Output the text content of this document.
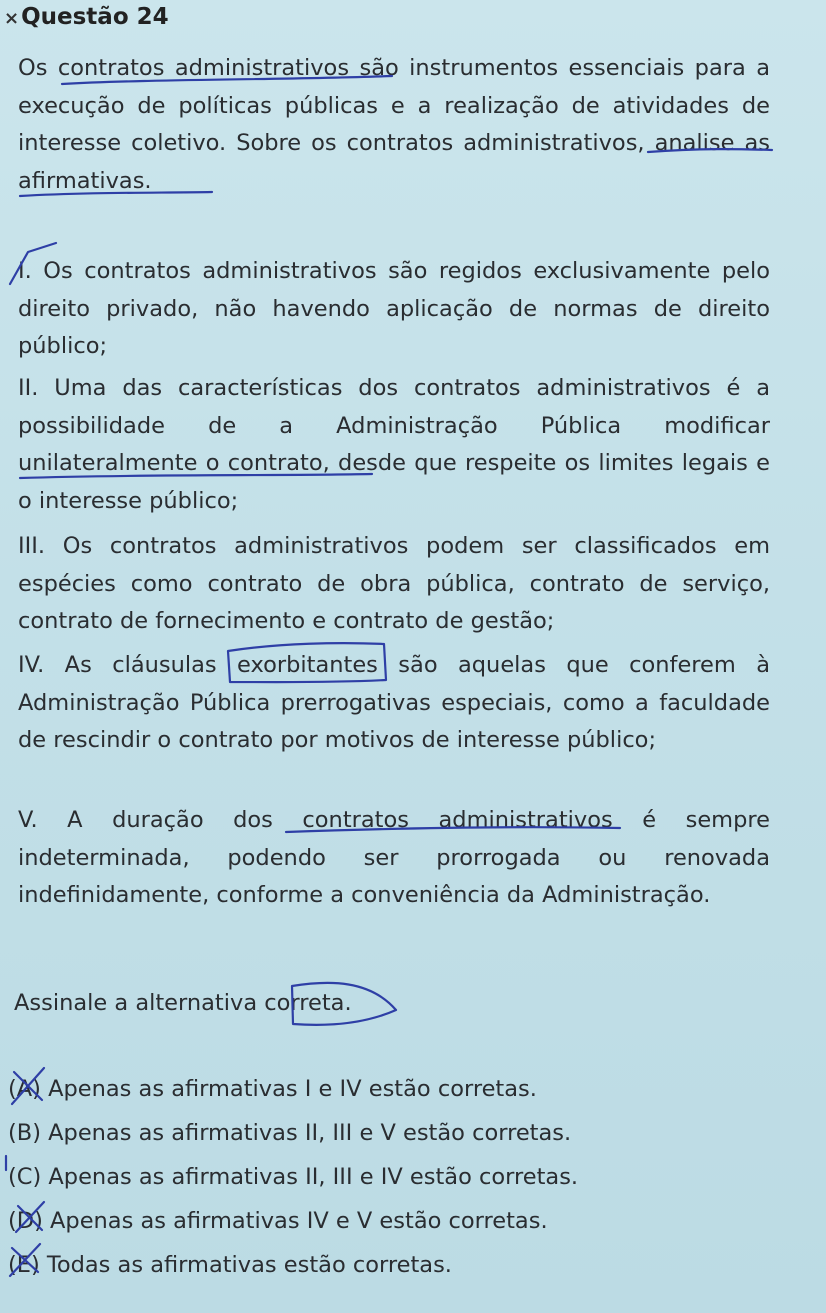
× Questão 24

Os contratos administrativos são instrumentos essenciais para a execução de políticas públicas e a realização de atividades de interesse coletivo. Sobre os contratos administrativos, analise as afirmativas.

I. Os contratos administrativos são regidos exclusivamente pelo direito privado, não havendo aplicação de normas de direito público;

II. Uma das características dos contratos administrativos é a possibilidade de a Administração Pública modificar unilateralmente o contrato, desde que respeite os limites legais e o interesse público;

III. Os contratos administrativos podem ser classificados em espécies como contrato de obra pública, contrato de serviço, contrato de fornecimento e contrato de gestão;

IV. As cláusulas exorbitantes são aquelas que conferem à Administração Pública prerrogativas especiais, como a faculdade de rescindir o contrato por motivos de interesse público;

V. A duração dos contratos administrativos é sempre indeterminada, podendo ser prorrogada ou renovada indefinidamente, conforme a conveniência da Administração.

Assinale a alternativa correta.

(A) Apenas as afirmativas I e IV estão corretas.
(B) Apenas as afirmativas II, III e V estão corretas.
(C) Apenas as afirmativas II, III e IV estão corretas.
(D) Apenas as afirmativas IV e V estão corretas.
(E) Todas as afirmativas estão corretas.
